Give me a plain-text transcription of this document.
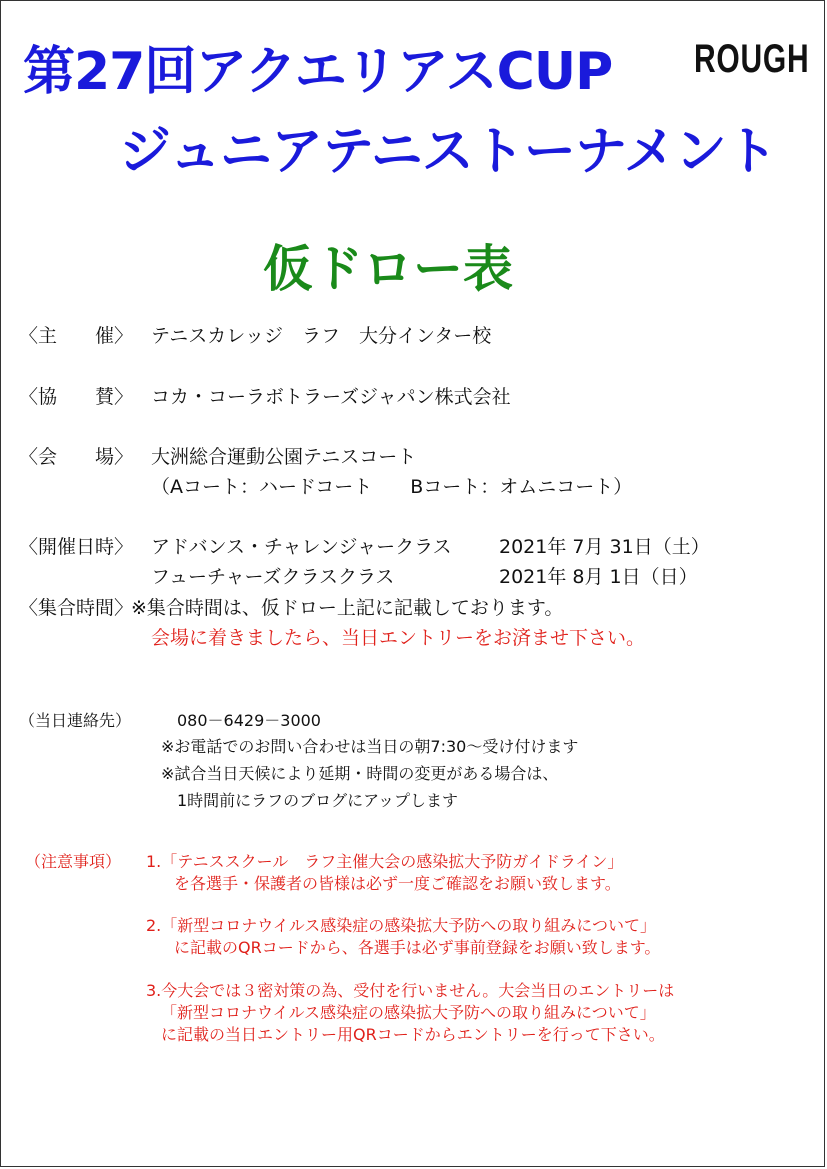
第27回アクエリアスCUP ROUGH
ジュニアテニストーナメント
仮ドロー表
〈主　　催〉 テニスカレッジ　ラフ　大分インター校
〈協　　賛〉 コカ・コーラボトラーズジャパン株式会社
〈会　　場〉 大洲総合運動公園テニスコート
（Aコート：ハードコート　　Bコート：オムニコート）
〈開催日時〉 アドバンス・チャレンジャークラス 2021年 7月 31日（土）
フューチャーズクラスクラス	2021年 8月 1日（日）
〈集合時間〉
※集合時間は、仮ドロー上記に記載しております。
会場に着きましたら、当日エントリーをお済ませ下さい。
（当日連絡先）	080－6429－3000
※お電話でのお問い合わせは当日の朝7:30～受け付けます
※試合当日天候により延期・時間の変更がある場合は、
1時間前にラフのブログにアップします
（注意事項） 1.「テニススクール　ラフ主催大会の感染拡大予防ガイドライン」
を各選手・保護者の皆様は必ず一度ご確認をお願い致します。
2.「新型コロナウイルス感染症の感染拡大予防への取り組みについて」
に記載のQRコードから、各選手は必ず事前登録をお願い致します。
3.今大会では３密対策の為、受付を行いません。大会当日のエントリーは
「新型コロナウイルス感染症の感染拡大予防への取り組みについて」
に記載の当日エントリー用QRコードからエントリーを行って下さい。
